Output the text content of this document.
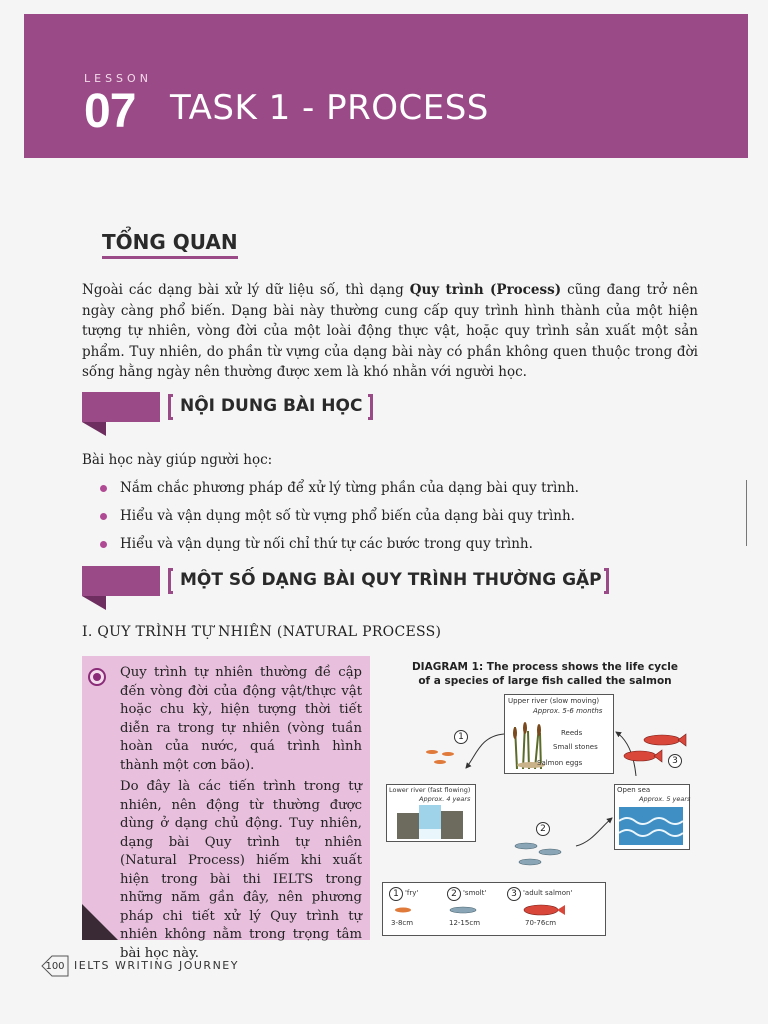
LESSON
07 TASK 1 - PROCESS
TỔNG QUAN

Ngoài các dạng bài xử lý dữ liệu số, thì dạng Quy trình (Process) cũng đang trở nên ngày càng phổ biến. Dạng bài này thường cung cấp quy trình hình thành của một hiện tượng tự nhiên, vòng đời của một loài động thực vật, hoặc quy trình sản xuất một sản phẩm. Tuy nhiên, do phần từ vựng của dạng bài này có phần không quen thuộc trong đời sống hằng ngày nên thường được xem là khó nhằn với người học.

NỘI DUNG BÀI HỌC

Bài học này giúp người học:

Nắm chắc phương pháp để xử lý từng phần của dạng bài quy trình.
Hiểu và vận dụng một số từ vựng phổ biến của dạng bài quy trình.
Hiểu và vận dụng từ nối chỉ thứ tự các bước trong quy trình.
MỘT SỐ DẠNG BÀI QUY TRÌNH THƯỜNG GẶP

I. QUY TRÌNH TỰ NHIÊN (NATURAL PROCESS)

Quy trình tự nhiên thường đề cập đến vòng đời của động vật/thực vật hoặc chu kỳ, hiện tượng thời tiết diễn ra trong tự nhiên (vòng tuần hoàn của nước, quá trình hình thành một cơn bão).

Do đây là các tiến trình trong tự nhiên, nên động từ thường được dùng ở dạng chủ động. Tuy nhiên, dạng bài Quy trình tự nhiên (Natural Process) hiếm khi xuất hiện trong bài thi IELTS trong những năm gần đây, nên phương pháp chi tiết xử lý Quy trình tự nhiên không nằm trong trọng tâm bài học này.

DIAGRAM 1: The process shows the life cycle
of a species of large fish called the salmon

Upper river (slow moving)
Approx. 5-6 months
Reeds
Small stones
Salmon eggs
1
Lower river (fast flowing)
Approx. 4 years
2
Open sea
Approx. 5 years
3
1 'fry'
3-8cm
2 'smolt'
12-15cm
3 'adult salmon'
70-76cm
100 IELTS WRITING JOURNEY
